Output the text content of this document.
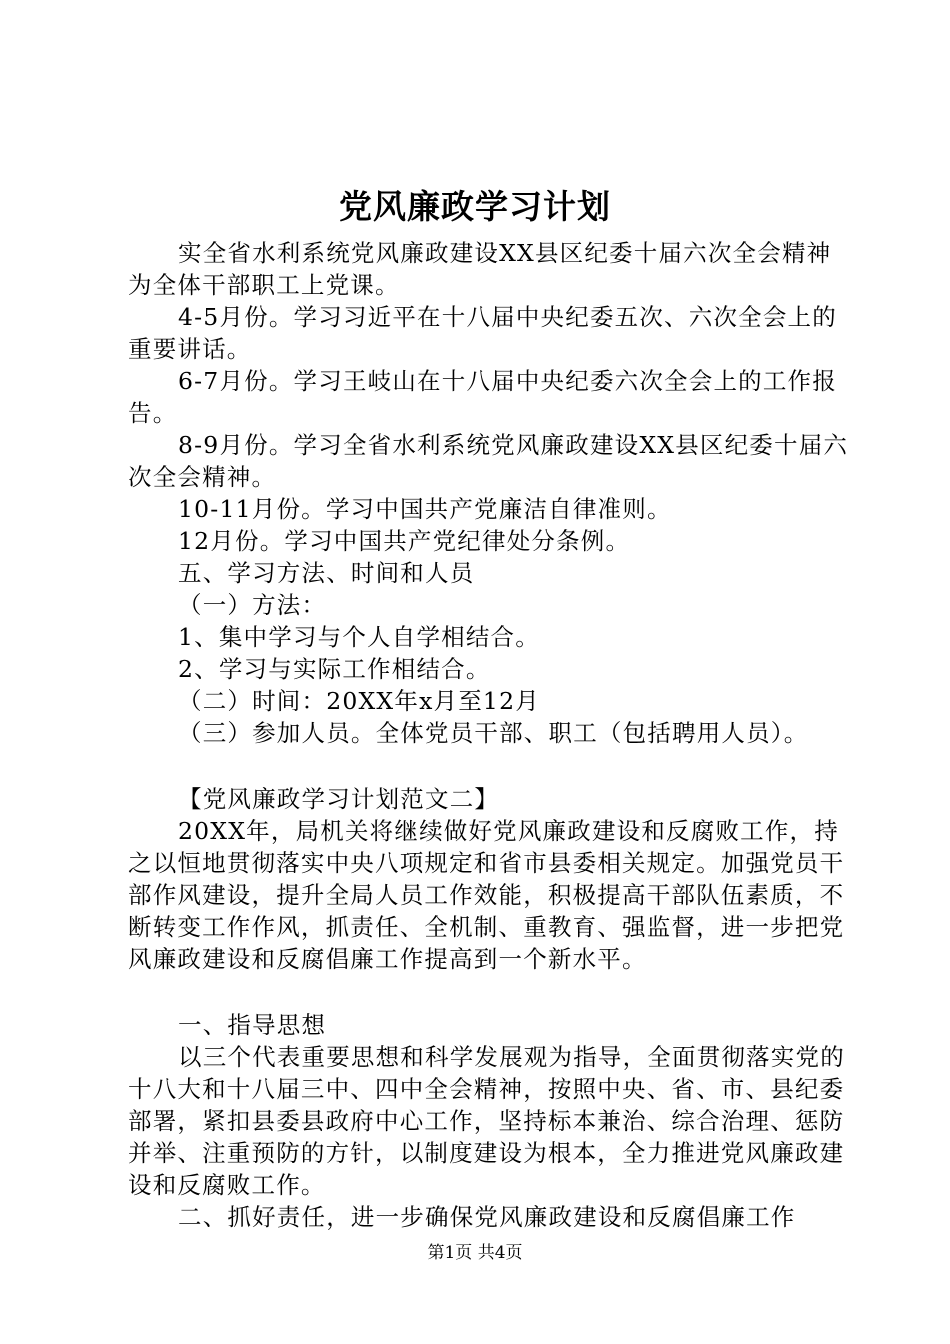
党风廉政学习计划

实全省水利系统党风廉政建设XX县区纪委十届六次全会精神为全体干部职工上党课。

4-5月份。学习习近平在十八届中央纪委五次、六次全会上的重要讲话。

6-7月份。学习王岐山在十八届中央纪委六次全会上的工作报告。

8-9月份。学习全省水利系统党风廉政建设XX县区纪委十届六次全会精神。

10-11月份。学习中国共产党廉洁自律准则。

12月份。学习中国共产党纪律处分条例。

五、学习方法、时间和人员

（一）方法：

1、集中学习与个人自学相结合。

2、学习与实际工作相结合。

（二）时间：20XX年x月至12月

（三）参加人员。全体党员干部、职工（包括聘用人员）。

【党风廉政学习计划范文二】

20XX年，局机关将继续做好党风廉政建设和反腐败工作，持之以恒地贯彻落实中央八项规定和省市县委相关规定。加强党员干部作风建设，提升全局人员工作效能，积极提高干部队伍素质，不断转变工作作风，抓责任、全机制、重教育、强监督，进一步把党风廉政建设和反腐倡廉工作提高到一个新水平。

一、指导思想

以三个代表重要思想和科学发展观为指导，全面贯彻落实党的十八大和十八届三中、四中全会精神，按照中央、省、市、县纪委部署，紧扣县委县政府中心工作，坚持标本兼治、综合治理、惩防并举、注重预防的方针，以制度建设为根本，全力推进党风廉政建设和反腐败工作。

二、抓好责任，进一步确保党风廉政建设和反腐倡廉工作

第1页 共4页
